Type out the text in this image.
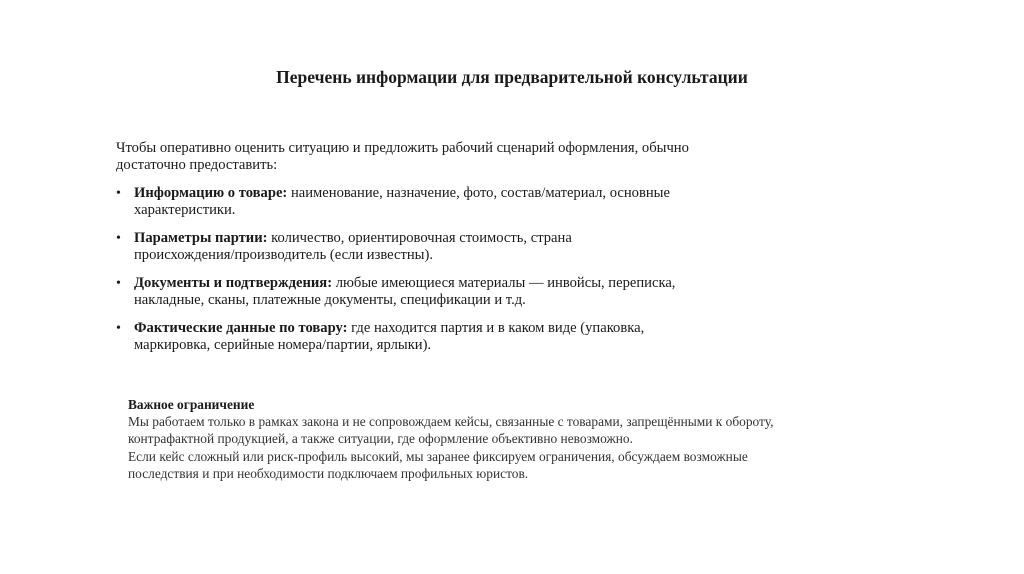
Перечень информации для предварительной консультации
Чтобы оперативно оценить ситуацию и предложить рабочий сценарий оформления, обычно
достаточно предоставить:
• Информацию о товаре: наименование, назначение, фото, состав/материал, основные
характеристики.
• Параметры партии: количество, ориентировочная стоимость, страна
происхождения/производитель (если известны).
• Документы и подтверждения: любые имеющиеся материалы — инвойсы, переписка,
накладные, сканы, платежные документы, спецификации и т.д.
• Фактические данные по товару: где находится партия и в каком виде (упаковка,
маркировка, серийные номера/партии, ярлыки).
Важное ограничение
Мы работаем только в рамках закона и не сопровождаем кейсы, связанные с товарами, запрещёнными к обороту,
контрафактной продукцией, а также ситуации, где оформление объективно невозможно.
Если кейс сложный или риск-профиль высокий, мы заранее фиксируем ограничения, обсуждаем возможные
последствия и при необходимости подключаем профильных юристов.
